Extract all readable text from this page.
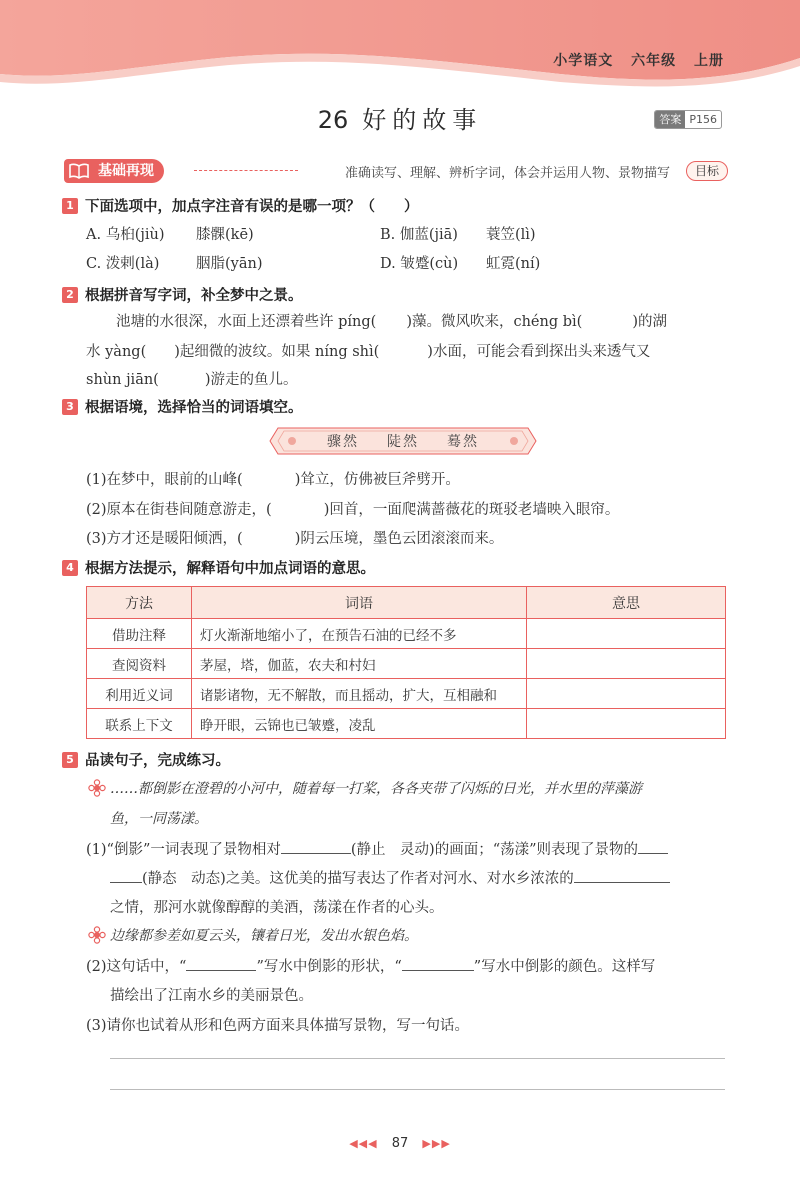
小学语文 六年级 上册
26 好的故事	答案 P156
基础再现	准确读写、理解、辨析字词，体会并运用人物、景物描写	目标
1 下面选项中，加点字注音有误的是哪一项？（　　）
A. 乌桕(jiù) 膝髁(kē)	B. 伽蓝(jiā) 蓑笠(lì)
C. 泼剌(là)	胭脂(yān)	D. 皱蹙(cù) 虹霓(ní)
2 根据拼音写字词，补全梦中之景。
池塘的水很深，水面上还漂着些许 píng( )藻。微风吹来，chéng bì(	)的湖
水 yàng( )起细微的波纹。如果 níng shì(	)水面，可能会看到探出头来透气又
shùn jiān(	)游走的鱼儿。
3 根据语境，选择恰当的词语填空。
骤然 陡然 蓦然
(1)在梦中，眼前的山峰(	)耸立，仿佛被巨斧劈开。
(2)原本在街巷间随意游走，(	)回首，一面爬满蔷薇花的斑驳老墙映入眼帘。
(3)方才还是暖阳倾洒，(	)阴云压境，墨色云团滚滚而来。
4 根据方法提示，解释语句中加点词语的意思。
方法	词语	意思
借助注释	灯火渐渐地缩小了，在预告石油的已经不多	
查阅资料	茅屋，塔，伽蓝，农夫和村妇	
利用近义词	诸影诸物，无不解散，而且摇动，扩大，互相融和	
联系上下文	睁开眼，云锦也已皱蹙，凌乱	
5 品读句子，完成练习。
……都倒影在澄碧的小河中，随着每一打桨，各各夹带了闪烁的日光，并水里的萍藻游
鱼，一同荡漾。
(1)“倒影”一词表现了景物相对	(静止　灵动)的画面；“荡漾”则表现了景物的
(静态　动态)之美。这优美的描写表达了作者对河水、对水乡浓浓的
之情，那河水就像醇醇的美酒，荡漾在作者的心头。
边缘都参差如夏云头，镶着日光，发出水银色焰。
(2)这句话中，“	”写水中倒影的形状，“	”写水中倒影的颜色。这样写
描绘出了江南水乡的美丽景色。
(3)请你也试着从形和色两方面来具体描写景物，写一句话。
◀◀◀ 87 ▶▶▶
